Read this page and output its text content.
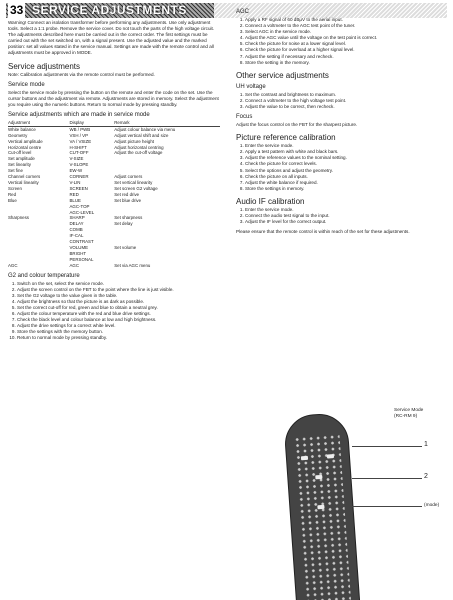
33 SERVICE ADJUSTMENTS

Warning! Connect an isolation transformer before performing any adjustments. Use only adjustment tools. Select a 1:1 probe. Remove the service cover. Do not touch the parts of the high voltage circuit. The adjustments described here must be carried out in the correct order. The first settings must be carried out with the set switched on, with a signal present. Use the adjusted value and the marked position: set all values stated in the service manual. Settings are made with the remote control and all adjustments must be approved in MODE.

Service adjustments

Note: Calibration adjustments via the remote control must be performed.

Service mode

Select the service mode by pressing the button on the remote and enter the code on the set. Use the cursor buttons and the adjustment via remote. Adjustments are stored in memory. Select the adjustment you require using the numeric buttons. Return to normal mode by pressing standby.

Service adjustments which are made in service mode
Adjustment	Display	Remark
White balance	WB / PWB	Adjust colour balance via menu
Geometry	VSH / VP	Adjust vertical shift and size
Vertical amplitude	VA / VSIZE	Adjust picture height
Horizontal centre	H-SHIFT	Adjust horizontal centring
Cut-off level	CUT-OFF	Adjust the cut-off voltage

Set amplitude	V-SIZE	
Set linearity	V-SLOPE	
Set fine	EW-W	
Channel corners	CORNER	Adjust corners
Vertical linearity	V-LIN	Set vertical linearity
Screen	SCREEN	Set screen G2 voltage
Red	RED	Set red drive
Blue	BLUE	Set blue drive
	AGC-TOP	
	AGC-LEVEL	
Sharpness	SHARP	Set sharpness
	DELAY	Set delay
	COMB	
	IF-CAL	
	CONTRAST	
	VOLUME	Set volume
	BRIGHT	
	PERSONAL	
AGC	AGC	Set via AGC menu
G2 and colour temperature
1. Switch on the set, select the service mode.
2. Adjust the screen control on the FBT to the point where the line is just visible.
3. Set the G2 voltage to the value given in the table.
4. Adjust the brightness so that the picture is as dark as possible.
5. Set the correct cut-off for red, green and blue to obtain a neutral grey.
6. Adjust the colour temperature with the red and blue drive settings.
7. Check the black level and colour balance at low and high brightness.
8. Adjust the drive settings for a correct white level.
9. Store the settings with the memory button.
10. Return to normal mode by pressing standby.
AGC
1. Apply a RF signal of 60 dBμV to the aerial input.
2. Connect a voltmeter to the AGC test point of the tuner.
3. Select AGC in the service mode.
4. Adjust the AGC value until the voltage on the test point is correct.
5. Check the picture for noise at a lower signal level.
6. Check the picture for overload at a higher signal level.
7. Adjust the setting if necessary and recheck.
8. Store the setting in the memory.
Other service adjustments
UH voltage
1. Set the contrast and brightness to maximum.
2. Connect a voltmeter to the high voltage test point.
3. Adjust the value to be correct, then recheck.
Focus

Adjust the focus control on the FBT for the sharpest picture.

Picture reference calibration
1. Enter the service mode.
2. Apply a test pattern with white and black bars.
3. Adjust the reference values to the nominal setting.
4. Check the picture for correct levels.
5. Select the options and adjust the geometry.
6. Check the picture on all inputs.
7. Adjust the white balance if required.
8. Store the settings in memory.
Audio IF calibration
1. Enter the service mode.
2. Connect the audio test signal to the input.
3. Adjust the IF level for the correct output.

Please ensure that the remote control is within reach of the set for these adjustments.

Service Mode
(RC-RM 9)
1
2
(mode)
